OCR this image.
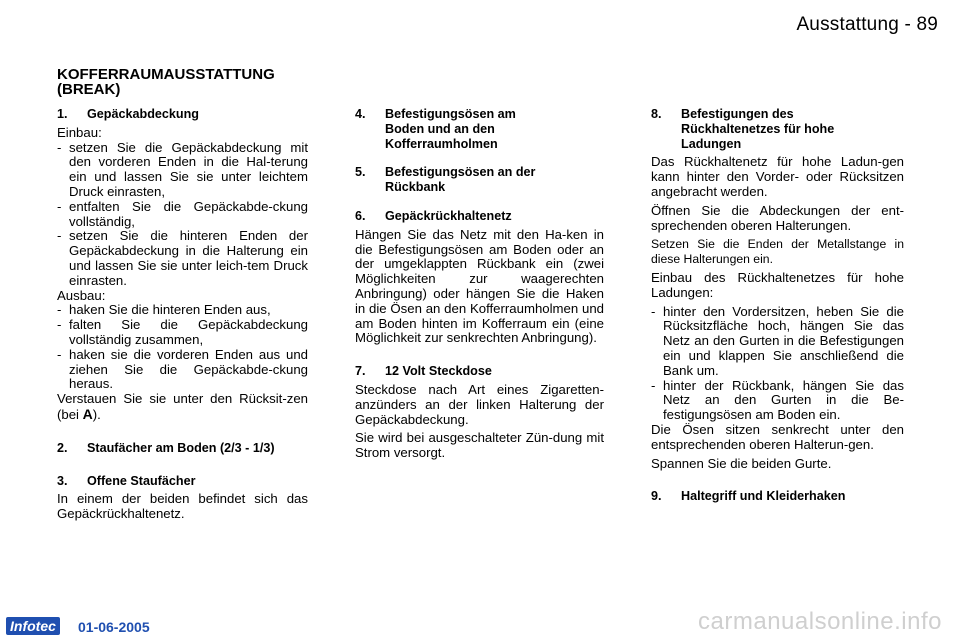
Ausstattung - 89
KOFFERRAUMAUSSTATTUNG
(BREAK)
1.	Gepäckabdeckung

Einbau:

- setzen Sie die Gepäckabdeckung mit den vorderen Enden in die Hal-terung ein und lassen Sie sie unter leichtem Druck einrasten,
- entfalten Sie die Gepäckabde-ckung vollständig,
- setzen Sie die hinteren Enden der Gepäckabdeckung in die Halterung ein und lassen Sie sie unter leich-tem Druck einrasten.

Ausbau:

- haken Sie die hinteren Enden aus,
- falten Sie die Gepäckabdeckung vollständig zusammen,
- haken sie die vorderen Enden aus und ziehen Sie die Gepäckabde-ckung heraus.

Verstauen Sie sie unter den Rücksit-zen (bei A).

2.	Staufächer am Boden (2/3 - 1/3)
3.	Offene Staufächer

In einem der beiden befindet sich das Gepäckrückhaltenetz.

4.	Befestigungsösen am Boden und an den Kofferraumholmen
5.	Befestigungsösen an der Rückbank
6.	Gepäckrückhaltenetz

Hängen Sie das Netz mit den Ha-ken in die Befestigungsösen am Boden oder an der umgeklappten Rückbank ein (zwei Möglichkeiten zur waagerechten Anbringung) oder hängen Sie die Haken in die Ösen an den Kofferraumholmen und am Boden hinten im Kofferraum ein (eine Möglichkeit zur senkrechten Anbringung).

7.	12 Volt Steckdose

Steckdose nach Art eines Zigaretten-anzünders an der linken Halterung der Gepäckabdeckung.

Sie wird bei ausgeschalteter Zün-dung mit Strom versorgt.

8.	Befestigungen des Rückhaltenetzes für hohe Ladungen

Das Rückhaltenetz für hohe Ladun-gen kann hinter den Vorder- oder Rücksitzen angebracht werden.

Öffnen Sie die Abdeckungen der ent-sprechenden oberen Halterungen.

Setzen Sie die Enden der Metallstange in diese Halterungen ein.

Einbau des Rückhaltenetzes für hohe Ladungen:

- hinter den Vordersitzen, heben Sie die Rücksitzfläche hoch, hängen Sie das Netz an den Gurten in die Befestigungen ein und klappen Sie anschließend die Bank um.
- hinter der Rückbank, hängen Sie das Netz an den Gurten in die Be-festigungsösen am Boden ein.

Die Ösen sitzen senkrecht unter den entsprechenden oberen Halterun-gen.

Spannen Sie die beiden Gurte.

9.	Haltegriff und Kleiderhaken
Infotec 01-06-2005	carmanualsonline.info
